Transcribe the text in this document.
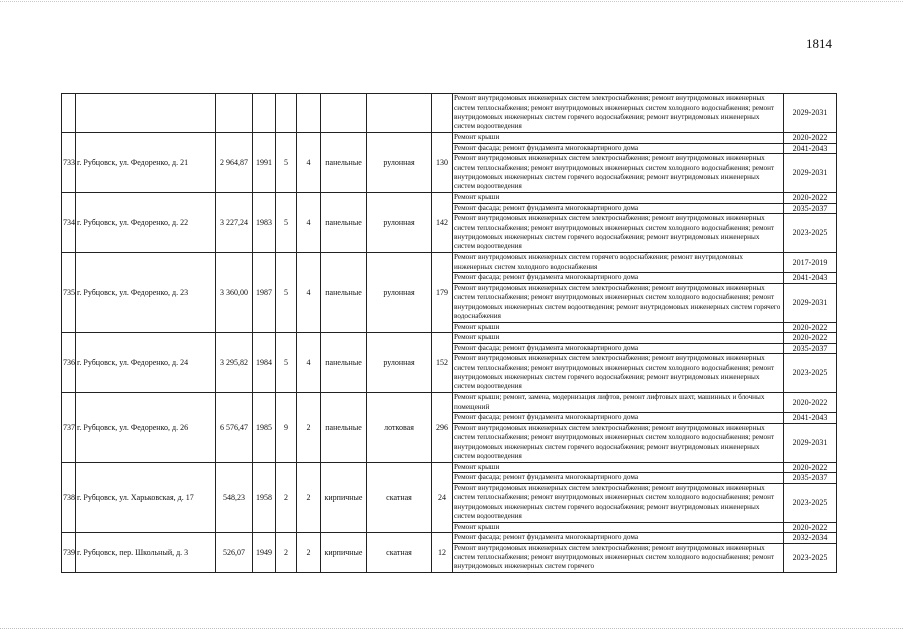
1814
									Ремонт внутридомовых инженерных систем электроснабжения; ремонт внутридомовых инженерных систем теплоснабжения; ремонт внутридомовых инженерных систем холодного водоснабжения; ремонт внутридомовых инженерных систем горячего водоснабжения; ремонт внутридомовых инженерных систем водоотведения	2029-2031
733	г. Рубцовск, ул. Федоренко, д. 21	2 964,87	1991	5	4	панельные	рулонная	130	Ремонт крыши	2020-2022
									Ремонт фасада; ремонт фундамента многоквартирного дома	2041-2043
									Ремонт внутридомовых инженерных систем электроснабжения; ремонт внутридомовых инженерных систем теплоснабжения; ремонт внутридомовых инженерных систем холодного водоснабжения; ремонт внутридомовых инженерных систем горячего водоснабжения; ремонт внутридомовых инженерных систем водоотведения	2029-2031
734	г. Рубцовск, ул. Федоренко, д. 22	3 227,24	1983	5	4	панельные	рулонная	142	Ремонт крыши	2020-2022
									Ремонт фасада; ремонт фундамента многоквартирного дома	2035-2037
									Ремонт внутридомовых инженерных систем электроснабжения; ремонт внутридомовых инженерных систем теплоснабжения; ремонт внутридомовых инженерных систем холодного водоснабжения; ремонт внутридомовых инженерных систем горячего водоснабжения; ремонт внутридомовых инженерных систем водоотведения	2023-2025
735	г. Рубцовск, ул. Федоренко, д. 23	3 360,00	1987	5	4	панельные	рулонная	179	Ремонт внутридомовых инженерных систем горячего водоснабжения; ремонт внутридомовых инженерных систем холодного водоснабжения	2017-2019
									Ремонт фасада; ремонт фундамента многоквартирного дома	2041-2043
									Ремонт внутридомовых инженерных систем электроснабжения; ремонт внутридомовых инженерных систем теплоснабжения; ремонт внутридомовых инженерных систем холодного водоснабжения; ремонт внутридомовых инженерных систем водоотведения; ремонт внутридомовых инженерных систем горячего водоснабжения	2029-2031
									Ремонт крыши	2020-2022
736	г. Рубцовск, ул. Федоренко, д. 24	3 295,82	1984	5	4	панельные	рулонная	152	Ремонт крыши	2020-2022
									Ремонт фасада; ремонт фундамента многоквартирного дома	2035-2037
									Ремонт внутридомовых инженерных систем электроснабжения; ремонт внутридомовых инженерных систем теплоснабжения; ремонт внутридомовых инженерных систем холодного водоснабжения; ремонт внутридомовых инженерных систем горячего водоснабжения; ремонт внутридомовых инженерных систем водоотведения	2023-2025
737	г. Рубцовск, ул. Федоренко, д. 26	6 576,47	1985	9	2	панельные	лотковая	296	Ремонт крыши; ремонт, замена, модернизация лифтов, ремонт лифтовых шахт, машинных и блочных помещений	2020-2022
									Ремонт фасада; ремонт фундамента многоквартирного дома	2041-2043
									Ремонт внутридомовых инженерных систем электроснабжения; ремонт внутридомовых инженерных систем теплоснабжения; ремонт внутридомовых инженерных систем холодного водоснабжения; ремонт внутридомовых инженерных систем горячего водоснабжения; ремонт внутридомовых инженерных систем водоотведения	2029-2031
738	г. Рубцовск, ул. Харьковская, д. 17	548,23	1958	2	2	кирпичные	скатная	24	Ремонт крыши	2020-2022
									Ремонт фасада; ремонт фундамента многоквартирного дома	2035-2037
									Ремонт внутридомовых инженерных систем электроснабжения; ремонт внутридомовых инженерных систем теплоснабжения; ремонт внутридомовых инженерных систем холодного водоснабжения; ремонт внутридомовых инженерных систем горячего водоснабжения; ремонт внутридомовых инженерных систем водоотведения	2023-2025
									Ремонт крыши	2020-2022
739	г. Рубцовск, пер. Школьный, д. 3	526,07	1949	2	2	кирпичные	скатная	12	Ремонт фасада; ремонт фундамента многоквартирного дома	2032-2034
									Ремонт внутридомовых инженерных систем электроснабжения; ремонт внутридомовых инженерных систем теплоснабжения; ремонт внутридомовых инженерных систем холодного водоснабжения; ремонт внутридомовых инженерных систем горячего	2023-2025
